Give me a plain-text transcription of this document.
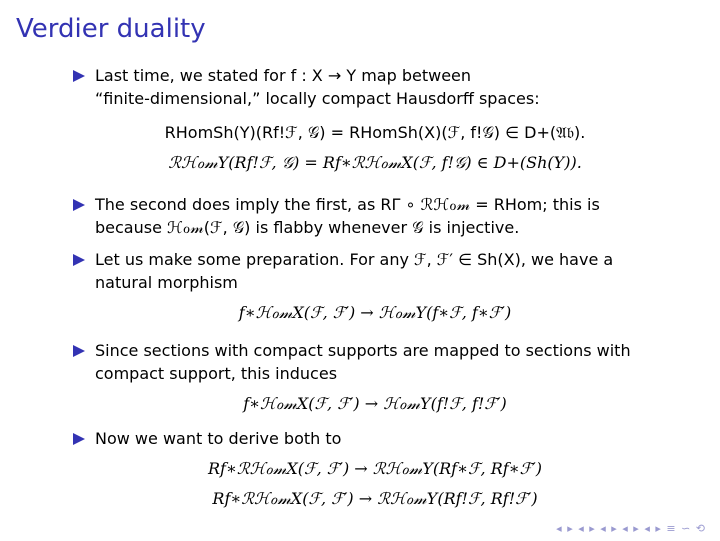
Verdier duality
Last time, we stated for f : X → Y map between
“finite-dimensional,” locally compact Hausdorff spaces:
RHomSh(Y)(Rf!ℱ, 𝒢) = RHomSh(X)(ℱ, f!𝒢) ∈ D+(𝔄𝔟).
ℛℋℴ𝓂Y(Rf!ℱ, 𝒢) = Rf∗ℛℋℴ𝓂X(ℱ, f!𝒢) ∈ D+(Sh(Y)).
The second does imply the first, as RΓ ∘ ℛℋℴ𝓂 = RHom; this is
because ℋℴ𝓂(ℱ, 𝒢) is flabby whenever 𝒢 is injective.
Let us make some preparation. For any ℱ, ℱ′ ∈ Sh(X), we have a
natural morphism
f∗ℋℴ𝓂X(ℱ, ℱ′) → ℋℴ𝓂Y(f∗ℱ, f∗ℱ′)
Since sections with compact supports are mapped to sections with
compact support, this induces
f∗ℋℴ𝓂X(ℱ, ℱ′) → ℋℴ𝓂Y(f!ℱ, f!ℱ′)
Now we want to derive both to
Rf∗ℛℋℴ𝓂X(ℱ, ℱ′) → ℛℋℴ𝓂Y(Rf∗ℱ, Rf∗ℱ′)
Rf∗ℛℋℴ𝓂X(ℱ, ℱ′) → ℛℋℴ𝓂Y(Rf!ℱ, Rf!ℱ′)
◂ ▸ ◂ ▸ ◂ ▸ ◂ ▸ ◂ ▸ ≡ ∽ ⟲
